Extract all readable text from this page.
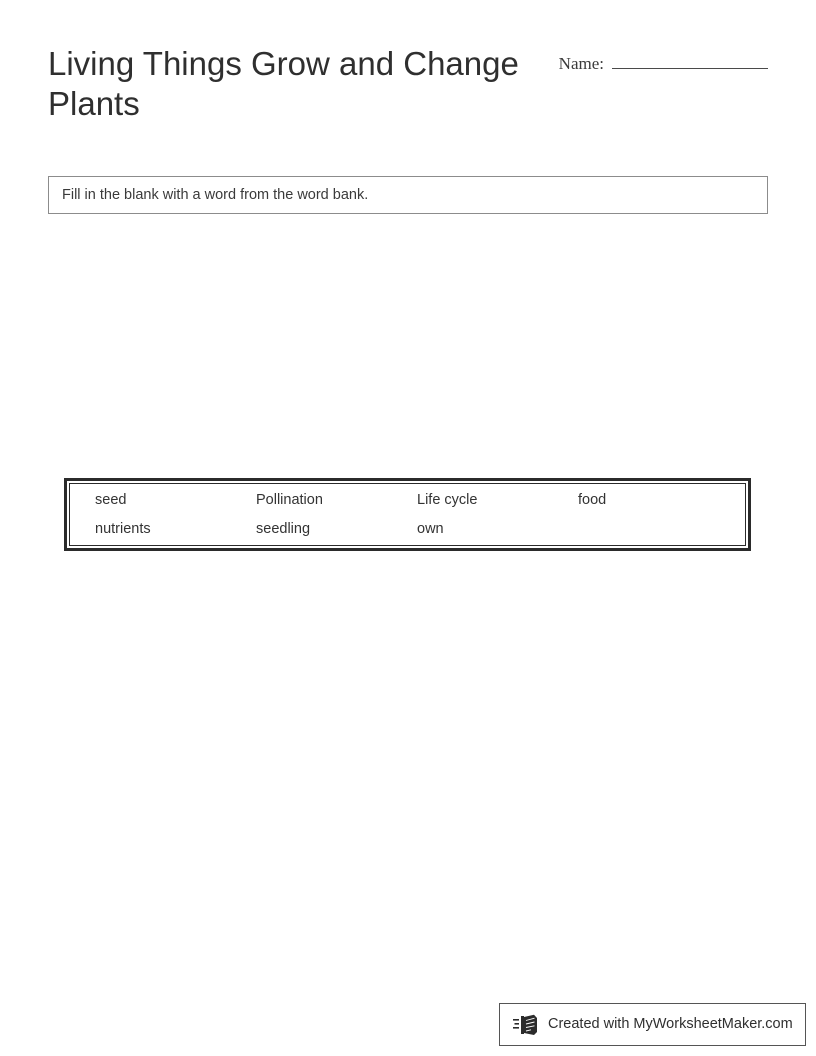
Living Things Grow and Change Plants
Name:
Fill in the blank with a word from the word bank.
seed	Pollination	Life cycle	food
nutrients	seedling	own
Created with MyWorksheetMaker.com
